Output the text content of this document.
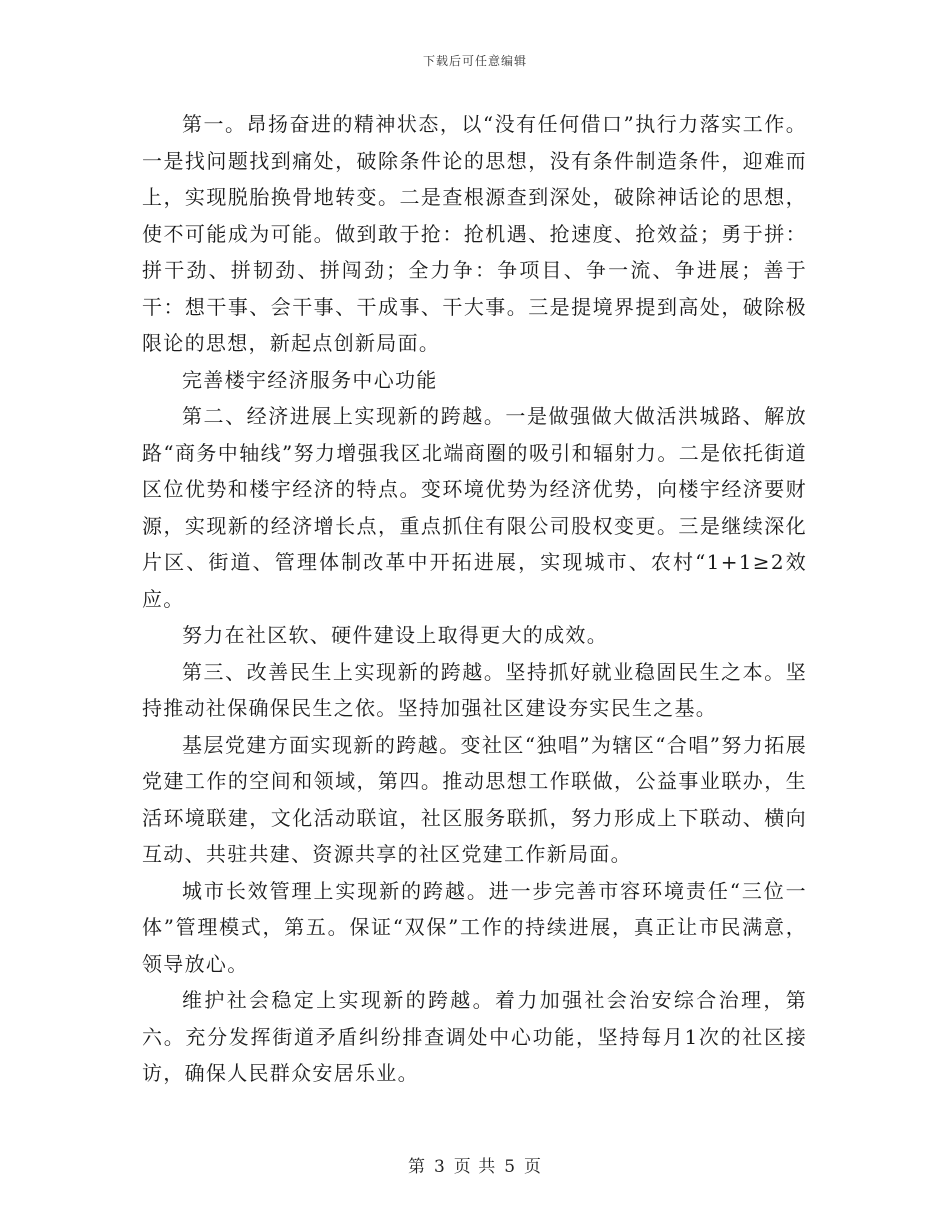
下载后可任意编辑

第一。昂扬奋进的精神状态，以“没有任何借口”执行力落实工作。一是找问题找到痛处，破除条件论的思想，没有条件制造条件，迎难而上，实现脱胎换骨地转变。二是查根源查到深处，破除神话论的思想，使不可能成为可能。做到敢于抢：抢机遇、抢速度、抢效益；勇于拼：拼干劲、拼韧劲、拼闯劲；全力争：争项目、争一流、争进展；善于干：想干事、会干事、干成事、干大事。三是提境界提到高处，破除极限论的思想，新起点创新局面。

完善楼宇经济服务中心功能

第二、经济进展上实现新的跨越。一是做强做大做活洪城路、解放路“商务中轴线”努力增强我区北端商圈的吸引和辐射力。二是依托街道区位优势和楼宇经济的特点。变环境优势为经济优势，向楼宇经济要财源，实现新的经济增长点，重点抓住有限公司股权变更。三是继续深化片区、街道、管理体制改革中开拓进展，实现城市、农村“1+1≥2效应。

努力在社区软、硬件建设上取得更大的成效。

第三、改善民生上实现新的跨越。坚持抓好就业稳固民生之本。坚持推动社保确保民生之依。坚持加强社区建设夯实民生之基。

基层党建方面实现新的跨越。变社区“独唱”为辖区“合唱”努力拓展党建工作的空间和领域，第四。推动思想工作联做，公益事业联办，生活环境联建，文化活动联谊，社区服务联抓，努力形成上下联动、横向互动、共驻共建、资源共享的社区党建工作新局面。

城市长效管理上实现新的跨越。进一步完善市容环境责任“三位一体”管理模式，第五。保证“双保”工作的持续进展，真正让市民满意，领导放心。

维护社会稳定上实现新的跨越。着力加强社会治安综合治理，第六。充分发挥街道矛盾纠纷排查调处中心功能，坚持每月1次的社区接访，确保人民群众安居乐业。

第 3 页 共 5 页
